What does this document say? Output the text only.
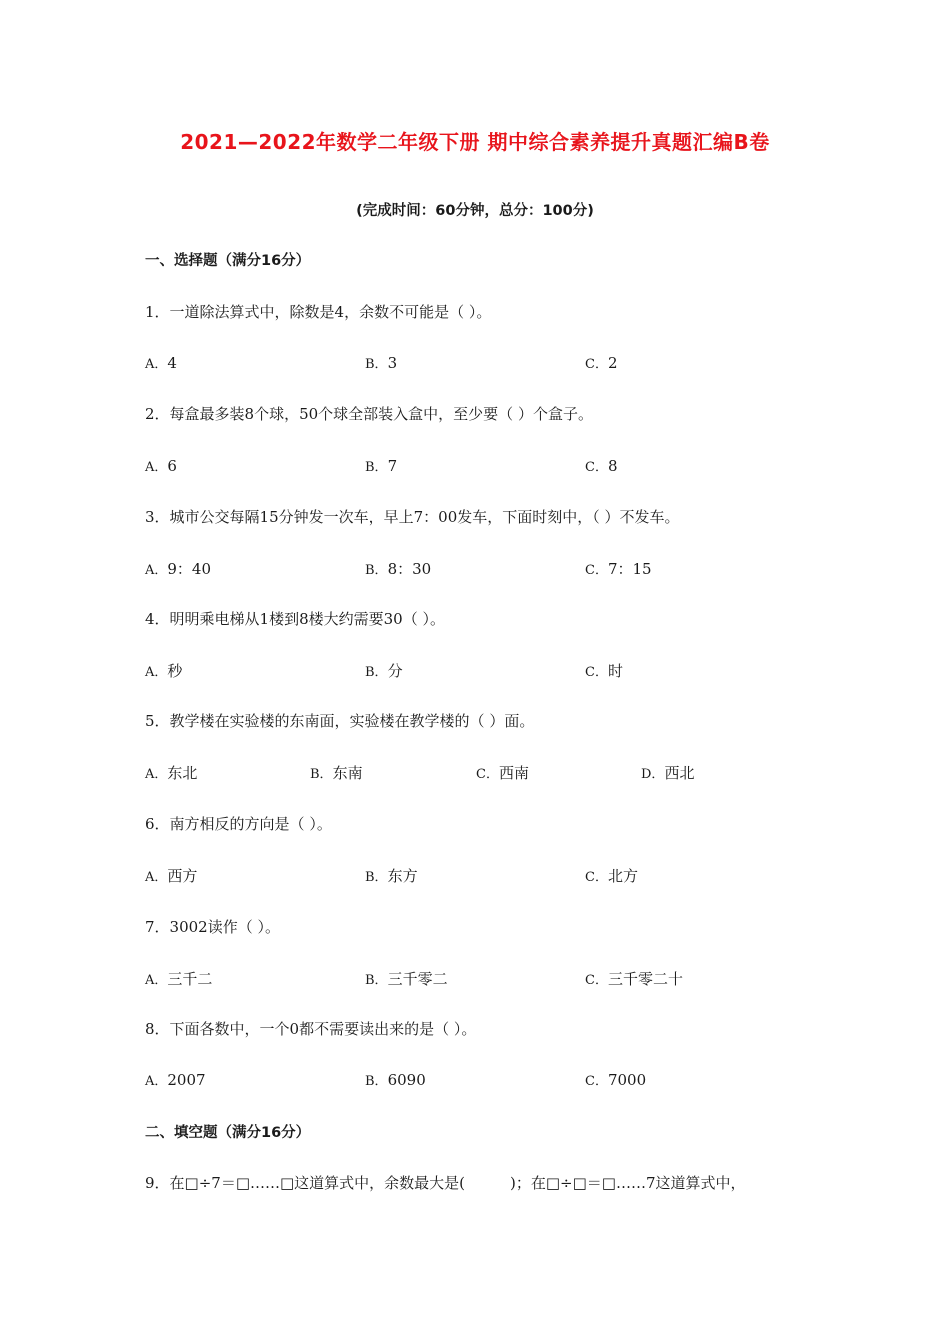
2021—2022年数学二年级下册 期中综合素养提升真题汇编B卷
(完成时间：60分钟，总分：100分)
一、选择题（满分16分）
1．一道除法算式中，除数是4，余数不可能是（ ）。
A．4	B．3	C．2
2．每盒最多装8个球，50个球全部装入盒中，至少要（ ）个盒子。
A．6	B．7	C．8
3．城市公交每隔15分钟发一次车，早上7：00发车，下面时刻中，（ ）不发车。
A．9：40	B．8：30	C．7：15
4．明明乘电梯从1楼到8楼大约需要30（ ）。
A．秒	B．分	C．时
5．教学楼在实验楼的东南面，实验楼在教学楼的（ ）面。
A．东北	B．东南	C．西南	D．西北
6．南方相反的方向是（ ）。
A．西方	B．东方	C．北方
7．3002读作（ ）。
A．三千二	B．三千零二	C．三千零二十
8．下面各数中，一个0都不需要读出来的是（ ）。
A．2007	B．6090	C．7000
二、填空题（满分16分）
9．在□÷7＝□……□这道算式中，余数最大是(　　　)；在□÷□＝□……7这道算式中，
